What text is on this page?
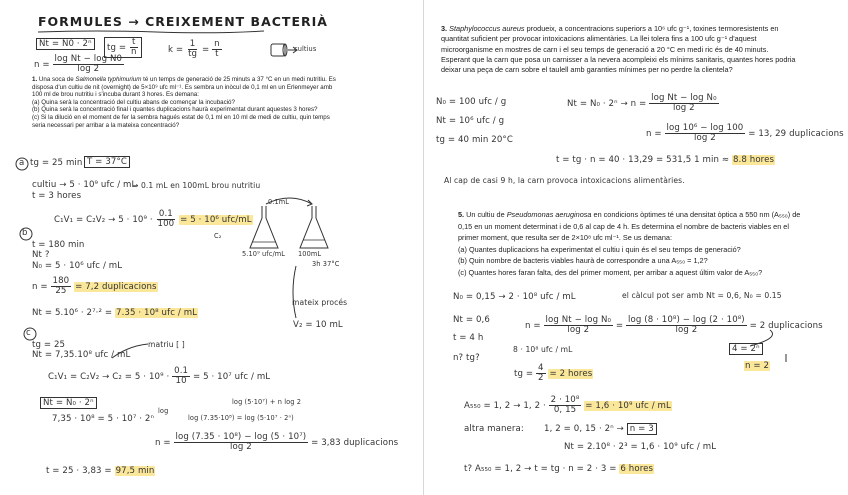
FORMULES → CREIXEMENT BACTERIÀ
Nt = N0 · 2ⁿ
$n = \frac{\text{log Nt − log N0}}{\log 2}$
tg = $\frac{t}{n}$	$k = \frac{1}{tg} = \frac{n}{t}$	cultius
1. Una soca de Salmonella typhimurium té un temps de generació de 25 minuts a 37 °C en un medi nutritiu. Es disposa d'un cultiu de nit (overnight) de 5×10⁹ ufc ml⁻¹. Es sembra un inòcul de 0,1 ml en un Erlenmeyer amb 100 ml de brou nutritiu i s'incuba durant 3 hores. Es demana:
(a) Quina serà la concentració del cultiu abans de començar la incubació?
(b) Quina serà la concentració final i quantes duplicacions haurà experimentat durant aquestes 3 hores?
(c) Si la dilució en el moment de fer la sembra hagués estat de 0,1 ml en 10 ml de medi de cultiu, quin temps seria necessari per arribar a la mateixa concentració?
a tg = 25 min T = 37°C
cultiu → 5 · 10⁹ ufc / mL
→ 0.1 mL en 100mL brou nutritiu
t = 3 hores
$C_1V_1 = C_2V_2 \to 5 \cdot 10^9 \cdot \frac{0.1}{100} = 5 \cdot 10^6$ ufc/mL
C₂
0.1mL
5.10⁹ ufc/mL 100mL
3h 37°C
b
t = 180 min
Nt ?
N₀ = 5 · 10⁶ ufc / mL
$n = \frac{180}{25} = 7,2$ duplicacions
Nt = 5.10⁶ · 2⁷·² = 7.35 · 10⁸ ufc / mL
mateix procés
V₂ = 10 mL
c
tg = 25
Nt = 7,35.10⁸ ufc / mL
matriu [ ]
$C_1V_1 = C_2V_2 \to C_2 = 5 \cdot 10^9 \cdot \frac{0.1}{10} = 5 \cdot 10^7$ ufc / mL
Nt = N₀ · 2ⁿ	log (5·10⁷) + n log 2
7,35 · 10⁸ = 5 · 10⁷ · 2ⁿ
log
log (7.35·10⁸) = log (5·10⁷ · 2ⁿ)
$n = \frac{\text{log (7.35 · 10⁸) − log (5 · 10⁷)}}{\log 2} = 3,83$ duplicacions
t = 25 · 3,83 = 97,5 min
3. Staphylococcus aureus produeix, a concentracions superiors a 10⁶ ufc g⁻¹, toxines termoresistents en quantitat suficient per provocar intoxicacions alimentàries. La llei tolera fins a 100 ufc g⁻¹ d'aquest microorganisme en mostres de carn i el seu temps de generació a 20 °C en medi ric és de 40 minuts. Esperant que la carn que posa un carnisser a la nevera acompleixi els mínims sanitaris, quantes hores podria deixar una peça de carn sobre el taulell amb garanties mínimes per no perdre la clientela?
N₀ = 100 ufc / g
Nt = 10⁶ ufc / g
tg = 40 min 20°C
$Nt = N_0 \cdot 2^n \to n = \frac{\text{log Nt − log N₀}}{\log 2}$
$n = \frac{\text{log 10⁶ − log 100}}{\log 2} = 13$, 29 duplicacions
t = tg · n = 40 · 13,29 = 531,5 1 min ≈ 8.8 hores
Al cap de casi 9 h, la carn provoca intoxicacions alimentàries.
5. Un cultiu de Pseudomonas aeruginosa en condicions òptimes té una densitat òptica a 550 nm (A₅₅₀) de 0,15 en un moment determinat i de 0,6 al cap de 4 h. Es determina el nombre de bacteris viables en el primer moment, que resulta ser de 2×10⁸ ufc ml⁻¹. Se us demana:
(a) Quantes duplicacions ha experimentat el cultiu i quin és el seu temps de generació?
(b) Quin nombre de bacteris viables haurà de correspondre a una A₅₅₀ = 1,2?
(c) Quantes hores faran falta, des del primer moment, per arribar a aquest últim valor de A₅₅₀?
N₀ = 0,15 → 2 · 10⁸ ufc / mL	el càlcul pot ser amb Nt = 0,6, N₀ = 0.15
Nt = 0,6
$n = \frac{\text{log Nt − log N₀}}{\log 2} = \frac{\text{log (8 · 10⁸) − log (2 · 10⁸)}}{\log 2} = 2$ duplicacions
t = 4 h
8 · 10⁸ ufc / mL
n? tg?
4 = 2ⁿ
n = 2
tg = $\frac{4}{2} = 2$ hores
A₅₅₀ = 1, 2 → 1, $2 \cdot \frac{\text{2 · 10⁸}}{0, 15} = 1,6 \cdot 10^9$ ufc / mL
altra manera: 1, 2 = 0, 15 · 2ⁿ → n = 3
Nt = 2.10⁸ · 2³ = 1,6 · 10⁹ ufc / mL
t? A₅₅₀ = 1, 2 → t = tg · n = 2 · 3 = 6 hores
